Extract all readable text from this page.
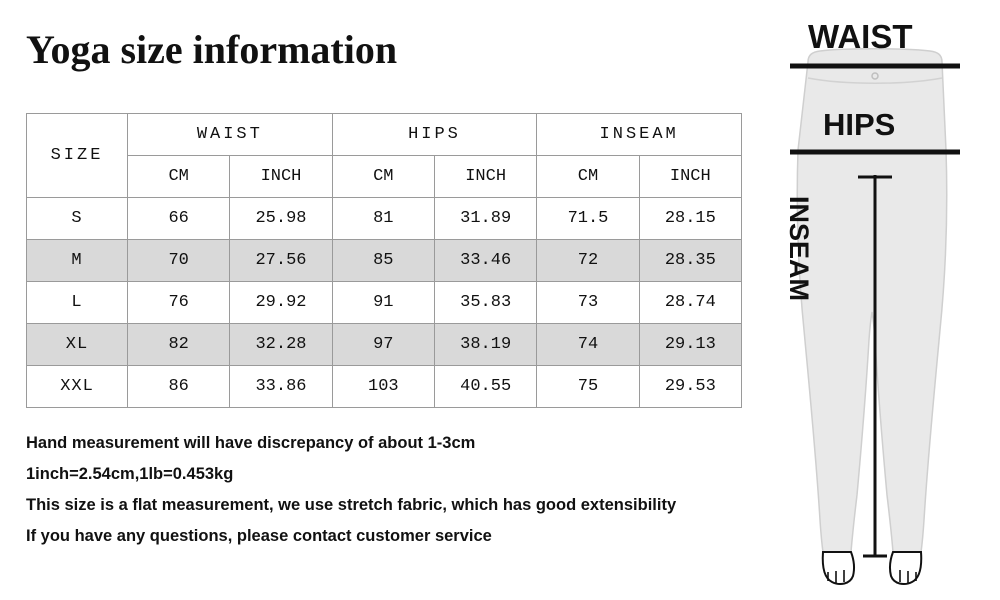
Yoga size information
SIZE	WAIST		HIPS		INSEAM	
	CM	INCH	CM	INCH	CM	INCH
S	66	25.98	81	31.89	71.5	28.15
M	70	27.56	85	33.46	72	28.35
L	76	29.92	91	35.83	73	28.74
XL	82	32.28	97	38.19	74	29.13
XXL	86	33.86	103	40.55	75	29.53
Hand measurement will have discrepancy of about 1-3cm
1inch=2.54cm,1lb=0.453kg
This size is a flat measurement, we use stretch fabric, which has good extensibility
If you have any questions, please contact customer service
WAIST
HIPS
INSEAM
